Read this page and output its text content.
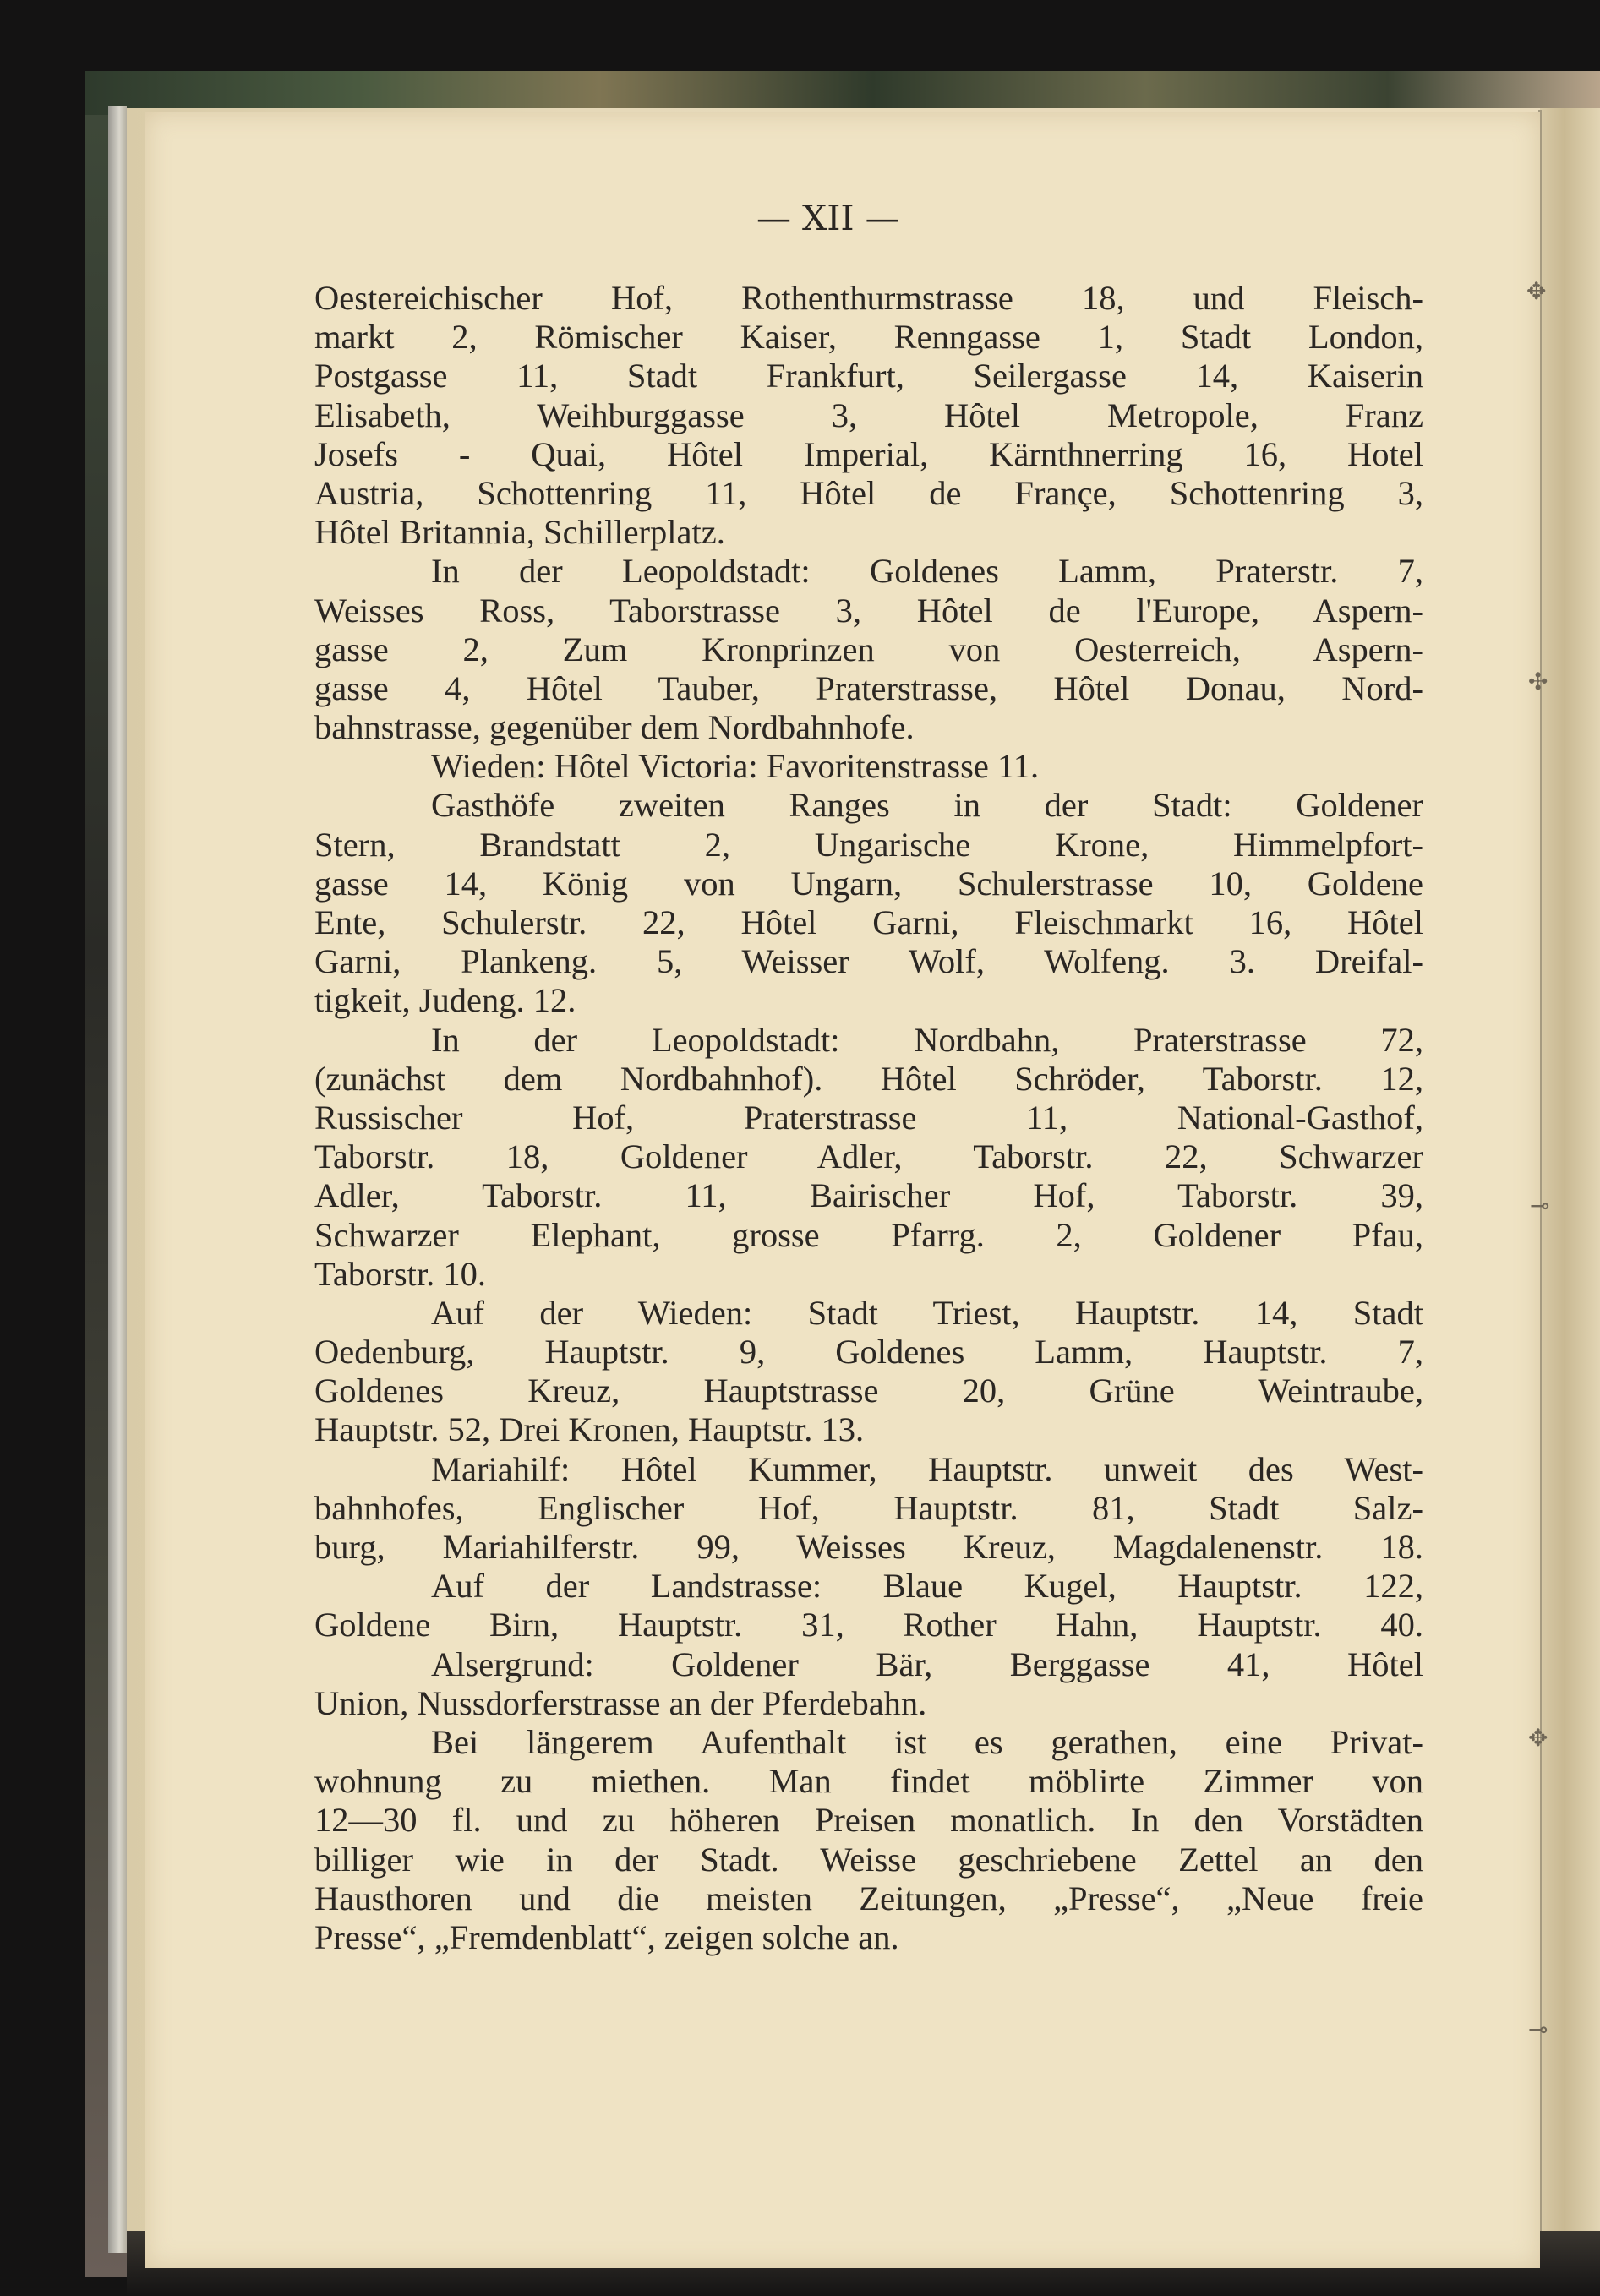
— XII —
Oestereichischer Hof, Rothenthurmstrasse 18, und Fleisch-
markt 2, Römischer Kaiser, Renngasse 1, Stadt London,
Postgasse 11, Stadt Frankfurt, Seilergasse 14, Kaiserin
Elisabeth, Weihburggasse 3, Hôtel Metropole, Franz
Josefs - Quai, Hôtel Imperial, Kärnthnerring 16, Hotel
Austria, Schottenring 11, Hôtel de Françe, Schottenring 3,
Hôtel Britannia, Schillerplatz.
In der Leopoldstadt: Goldenes Lamm, Praterstr. 7,
Weisses Ross, Taborstrasse 3, Hôtel de l'Europe, Aspern-
gasse 2, Zum Kronprinzen von Oesterreich, Aspern-
gasse 4, Hôtel Tauber, Praterstrasse, Hôtel Donau, Nord-
bahnstrasse, gegenüber dem Nordbahnhofe.
Wieden: Hôtel Victoria: Favoritenstrasse 11.
Gasthöfe zweiten Ranges in der Stadt: Goldener
Stern, Brandstatt 2, Ungarische Krone, Himmelpfort-
gasse 14, König von Ungarn, Schulerstrasse 10, Goldene
Ente, Schulerstr. 22, Hôtel Garni, Fleischmarkt 16, Hôtel
Garni, Plankeng. 5, Weisser Wolf, Wolfeng. 3. Dreifal-
tigkeit, Judeng. 12.
In der Leopoldstadt: Nordbahn, Praterstrasse 72,
(zunächst dem Nordbahnhof). Hôtel Schröder, Taborstr. 12,
Russischer Hof, Praterstrasse 11, National-Gasthof,
Taborstr. 18, Goldener Adler, Taborstr. 22, Schwarzer
Adler, Taborstr. 11, Bairischer Hof, Taborstr. 39,
Schwarzer Elephant, grosse Pfarrg. 2, Goldener Pfau,
Taborstr. 10.
Auf der Wieden: Stadt Triest, Hauptstr. 14, Stadt
Oedenburg, Hauptstr. 9, Goldenes Lamm, Hauptstr. 7,
Goldenes Kreuz, Hauptstrasse 20, Grüne Weintraube,
Hauptstr. 52, Drei Kronen, Hauptstr. 13.
Mariahilf: Hôtel Kummer, Hauptstr. unweit des West-
bahnhofes, Englischer Hof, Hauptstr. 81, Stadt Salz-
burg, Mariahilferstr. 99, Weisses Kreuz, Magdalenenstr. 18.
Auf der Landstrasse: Blaue Kugel, Hauptstr. 122,
Goldene Birn, Hauptstr. 31, Rother Hahn, Hauptstr. 40.
Alsergrund: Goldener Bär, Berggasse 41, Hôtel
Union, Nussdorferstrasse an der Pferdebahn.
Bei längerem Aufenthalt ist es gerathen, eine Privat-
wohnung zu miethen. Man findet möblirte Zimmer von
12—30 fl. und zu höheren Preisen monatlich. In den Vorstädten
billiger wie in der Stadt. Weisse geschriebene Zettel an den
Hausthoren und die meisten Zeitungen, „Presse“, „Neue freie
Presse“, „Fremdenblatt“, zeigen solche an.
✥
✣
⊸
✥
⊸
